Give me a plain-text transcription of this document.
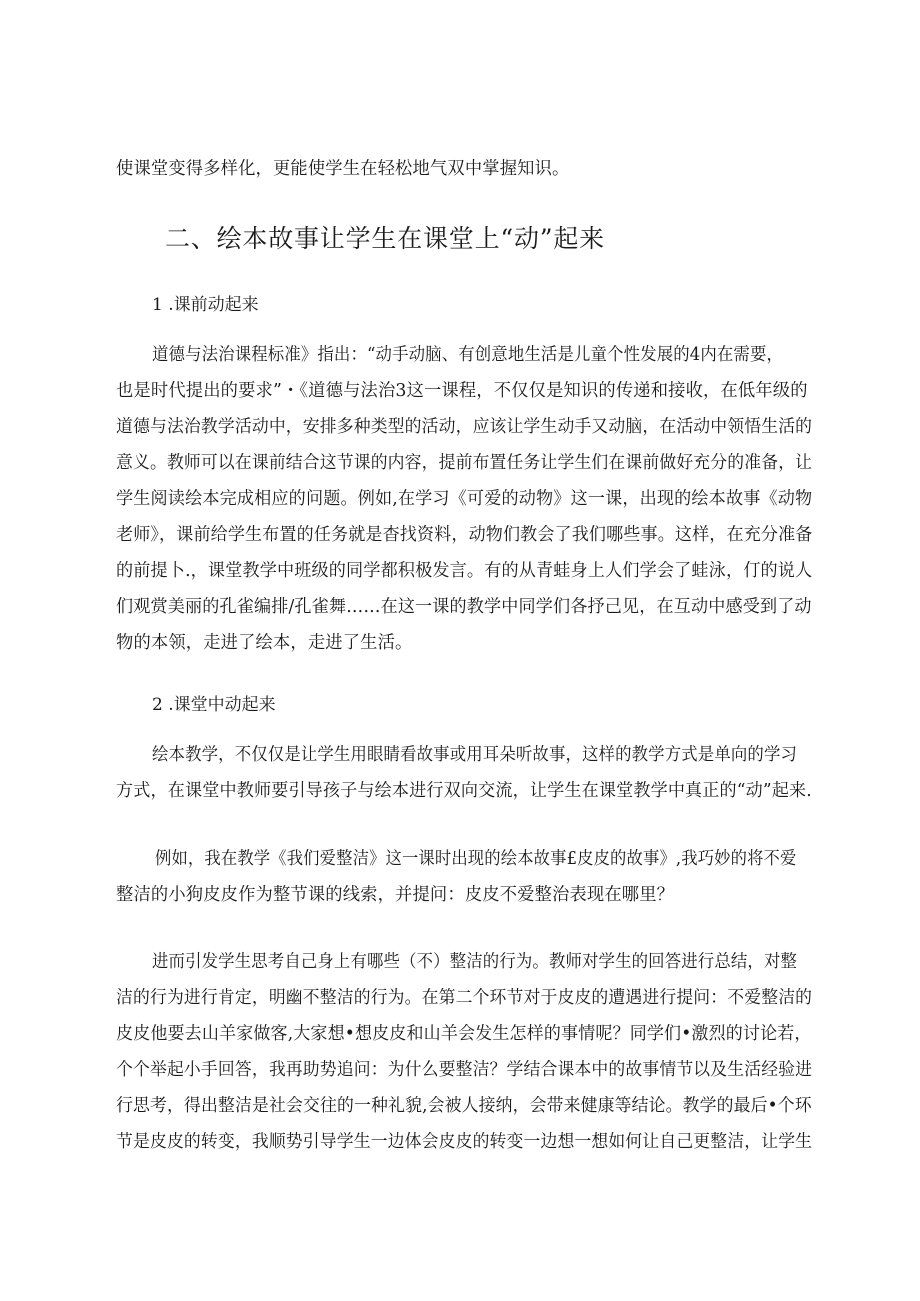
使课堂变得多样化，更能使学生在轻松地气双中掌握知识。
二、绘本故事让学生在课堂上“动”起来
1 .课前动起来
道德与法治课程标准》指出：“动手动脑、有创意地生活是儿童个性发展的4内在需要，
也是时代提出的要求”・《道德与法治3这一课程，不仅仅是知识的传递和接收，在低年级的
道德与法治教学活动中，安排多种类型的活动，应该让学生动手又动脑，在活动中领悟生活的
意义。教师可以在课前结合这节课的内容，提前布置任务让学生们在课前做好充分的准备，让
学生阅读绘本完成相应的问题。例如,在学习《可爱的动物》这一课，出现的绘本故事《动物
老师》，课前给学生布置的任务就是杳找资料，动物们教会了我们哪些事。这样，在充分准备
的前提卜.，课堂教学中班级的同学都积极发言。有的从青蛙身上人们学会了蛙泳，仃的说人
们观赏美丽的孔雀编排/孔雀舞……在这一课的教学中同学们各抒己见，在互动中感受到了动
物的本领，走进了绘本，走进了生活。
2 .课堂中动起来
绘本教学，不仅仅是让学生用眼睛看故事或用耳朵听故事，这样的教学方式是单向的学习
方式，在课堂中教师要引导孩子与绘本进行双向交流，让学生在课堂教学中真正的“动”起来.
例如，我在教学《我们爱整洁》这一课时出现的绘本故事£皮皮的故事》,我巧妙的将不爱
整洁的小狗皮皮作为整节课的线索，并提问：皮皮不爱整治表现在哪里？
进而引发学生思考自己身上有哪些（不）整洁的行为。教师对学生的回答进行总结，对整
洁的行为进行肯定，明幽不整洁的行为。在第二个环节对于皮皮的遭遇进行提问：不爱整洁的
皮皮他要去山羊家做客,大家想•想皮皮和山羊会发生怎样的事情呢？同学们•激烈的讨论若，
个个举起小手回答，我再助势追问：为什么要整洁？学结合课本中的故事情节以及生活经验进
行思考，得出整洁是社会交往的一种礼貌,会被人接纳，会带来健康等结论。教学的最后•个环
节是皮皮的转变，我顺势引导学生一边体会皮皮的转变一边想一想如何让自己更整洁，让学生
